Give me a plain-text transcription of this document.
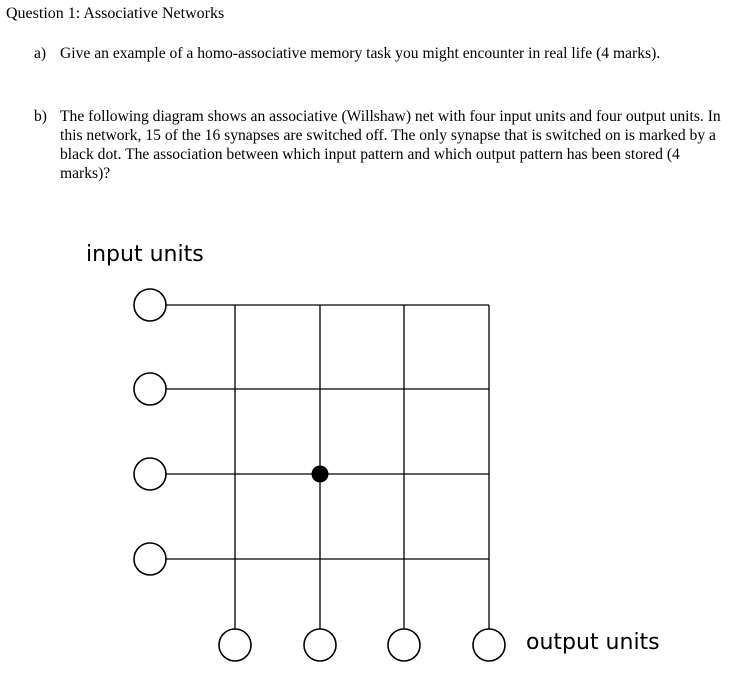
Question 1: Associative Networks
a) Give an example of a homo-associative memory task you might encounter in real life (4 marks).
b) The following diagram shows an associative (Willshaw) net with four input units and four output units. In this network, 15 of the 16 synapses are switched off. The only synapse that is switched on is marked by a black dot. The association between which input pattern and which output pattern has been stored (4 marks)?
input units
output units
